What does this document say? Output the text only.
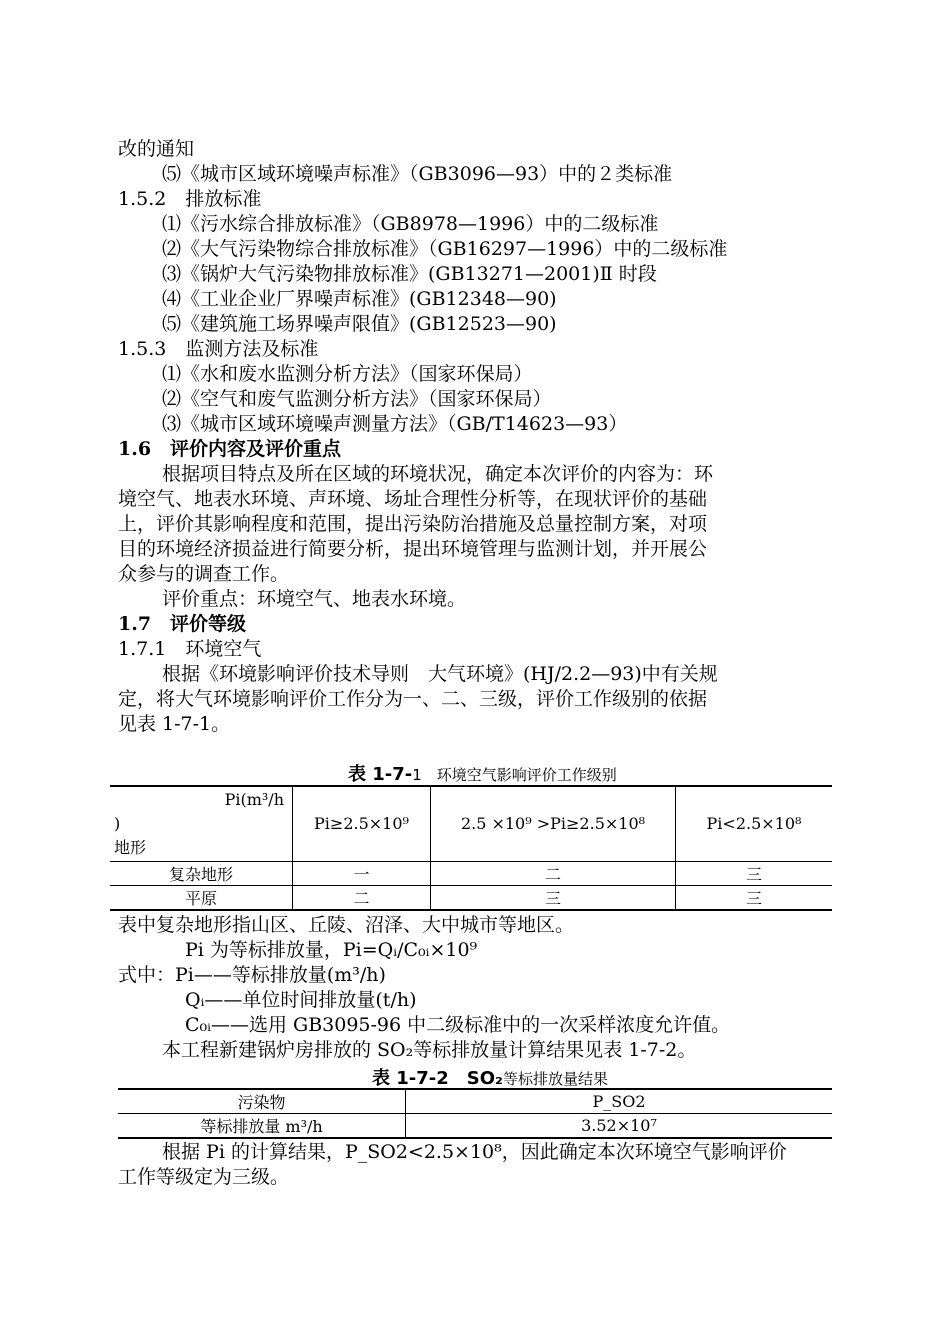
改的通知
⑸《城市区域环境噪声标准》（GB3096—93）中的２类标准
1.5.2　排放标准
⑴《污水综合排放标准》（GB8978—1996）中的二级标准
⑵《大气污染物综合排放标准》（GB16297—1996）中的二级标准
⑶《锅炉大气污染物排放标准》(GB13271—2001)Ⅱ 时段
⑷《工业企业厂界噪声标准》(GB12348—90)
⑸《建筑施工场界噪声限值》(GB12523—90)
1.5.3　监测方法及标准
⑴《水和废水监测分析方法》（国家环保局）
⑵《空气和废气监测分析方法》（国家环保局）
⑶《城市区域环境噪声测量方法》（GB/T14623—93）
1.6　评价内容及评价重点
根据项目特点及所在区域的环境状况，确定本次评价的内容为：环
境空气、地表水环境、声环境、场址合理性分析等，在现状评价的基础
上，评价其影响程度和范围，提出污染防治措施及总量控制方案，对项
目的环境经济损益进行简要分析，提出环境管理与监测计划，并开展公
众参与的调查工作。
评价重点：环境空气、地表水环境。
1.7　评价等级
1.7.1　环境空气
根据《环境影响评价技术导则　大气环境》(HJ/2.2—93)中有关规
定，将大气环境影响评价工作分为一、二、三级，评价工作级别的依据
见表 1-7-1。
表 1-7-1　环境空气影响评价工作级别
Pi(m³/h
)
地形	Pi≥2.5×10⁹	2.5 ×10⁹ >Pi≥2.5×10⁸	Pi<2.5×10⁸
复杂地形	一	二	三
平原	二	三	三
表中复杂地形指山区、丘陵、沼泽、大中城市等地区。
Pi 为等标排放量，Pi=Qᵢ/C₀ᵢ×10⁹
式中：Pi——等标排放量(m³/h)
Qᵢ——单位时间排放量(t/h)
C₀ᵢ——选用 GB3095-96 中二级标准中的一次采样浓度允许值。
本工程新建锅炉房排放的 SO₂等标排放量计算结果见表 1-7-2。
表 1-7-2　SO₂等标排放量结果
污染物	P_SO2
等标排放量 m³/h	3.52×10⁷
根据 Pi 的计算结果，P_SO2<2.5×10⁸，因此确定本次环境空气影响评价
工作等级定为三级。
